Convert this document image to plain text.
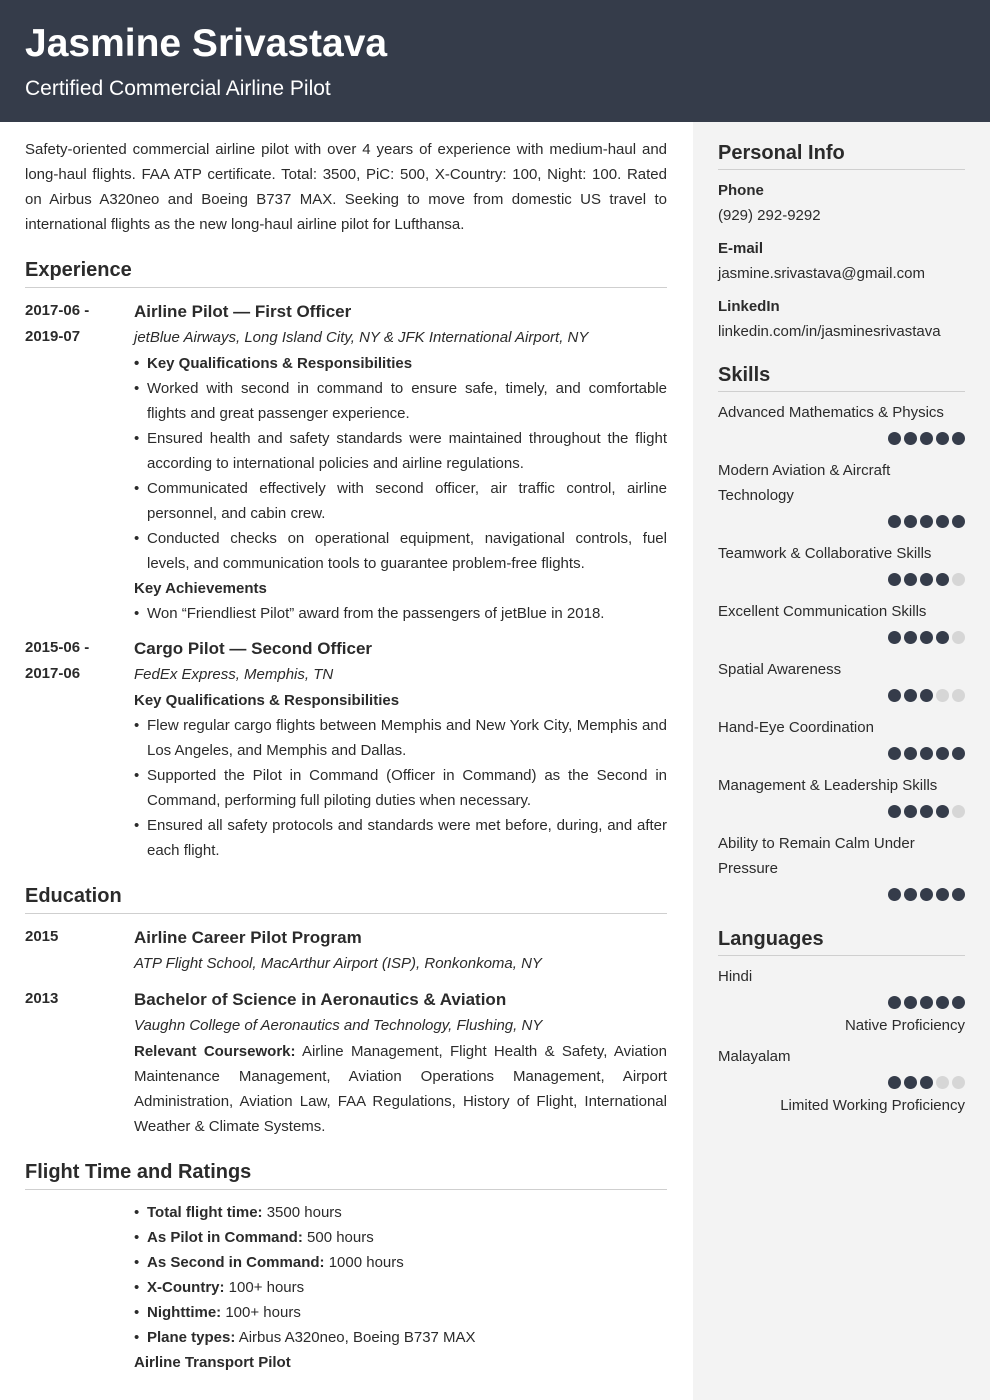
Jasmine Srivastava
Certified Commercial Airline Pilot

Safety-oriented commercial airline pilot with over 4 years of experience with medium-haul and long-haul flights. FAA ATP certificate. Total: 3500, PiC: 500, X-Country: 100, Night: 100. Rated on Airbus A320neo and Boeing B737 MAX. Seeking to move from domestic US travel to international flights as the new long-haul airline pilot for Lufthansa.

Experience
2017-06 -
2019-07
Airline Pilot — First Officer
jetBlue Airways, Long Island City, NY & JFK International Airport, NY
• Key Qualifications & Responsibilities
• Worked with second in command to ensure safe, timely, and comfortable flights and great passenger experience.
• Ensured health and safety standards were maintained throughout the flight according to international policies and airline regulations.
• Communicated effectively with second officer, air traffic control, airline personnel, and cabin crew.
• Conducted checks on operational equipment, navigational controls, fuel levels, and communication tools to guarantee problem-free flights.
Key Achievements
• Won “Friendliest Pilot” award from the passengers of jetBlue in 2018.
2015-06 -
2017-06
Cargo Pilot — Second Officer
FedEx Express, Memphis, TN
Key Qualifications & Responsibilities
• Flew regular cargo flights between Memphis and New York City, Memphis and Los Angeles, and Memphis and Dallas.
• Supported the Pilot in Command (Officer in Command) as the Second in Command, performing full piloting duties when necessary.
• Ensured all safety protocols and standards were met before, during, and after each flight.
Education
2015	Airline Career Pilot Program
ATP Flight School, MacArthur Airport (ISP), Ronkonkoma, NY
2013	Bachelor of Science in Aeronautics & Aviation
Vaughn College of Aeronautics and Technology, Flushing, NY
Relevant Coursework: Airline Management, Flight Health & Safety, Aviation Maintenance Management, Aviation Operations Management, Airport Administration, Aviation Law, FAA Regulations, History of Flight, International Weather & Climate Systems.
Flight Time and Ratings
• Total flight time: 3500 hours
• As Pilot in Command: 500 hours
• As Second in Command: 1000 hours
• X-Country: 100+ hours
• Nighttime: 100+ hours
• Plane types: Airbus A320neo, Boeing B737 MAX
Airline Transport Pilot
Personal Info
Phone
(929) 292-9292
E-mail
jasmine.srivastava@gmail.com
LinkedIn
linkedin.com/in/jasminesrivastava
Skills
Advanced Mathematics & Physics
Modern Aviation & Aircraft Technology
Teamwork & Collaborative Skills
Excellent Communication Skills
Spatial Awareness
Hand-Eye Coordination
Management & Leadership Skills
Ability to Remain Calm Under Pressure
Languages
Hindi
Native Proficiency
Malayalam
Limited Working Proficiency
